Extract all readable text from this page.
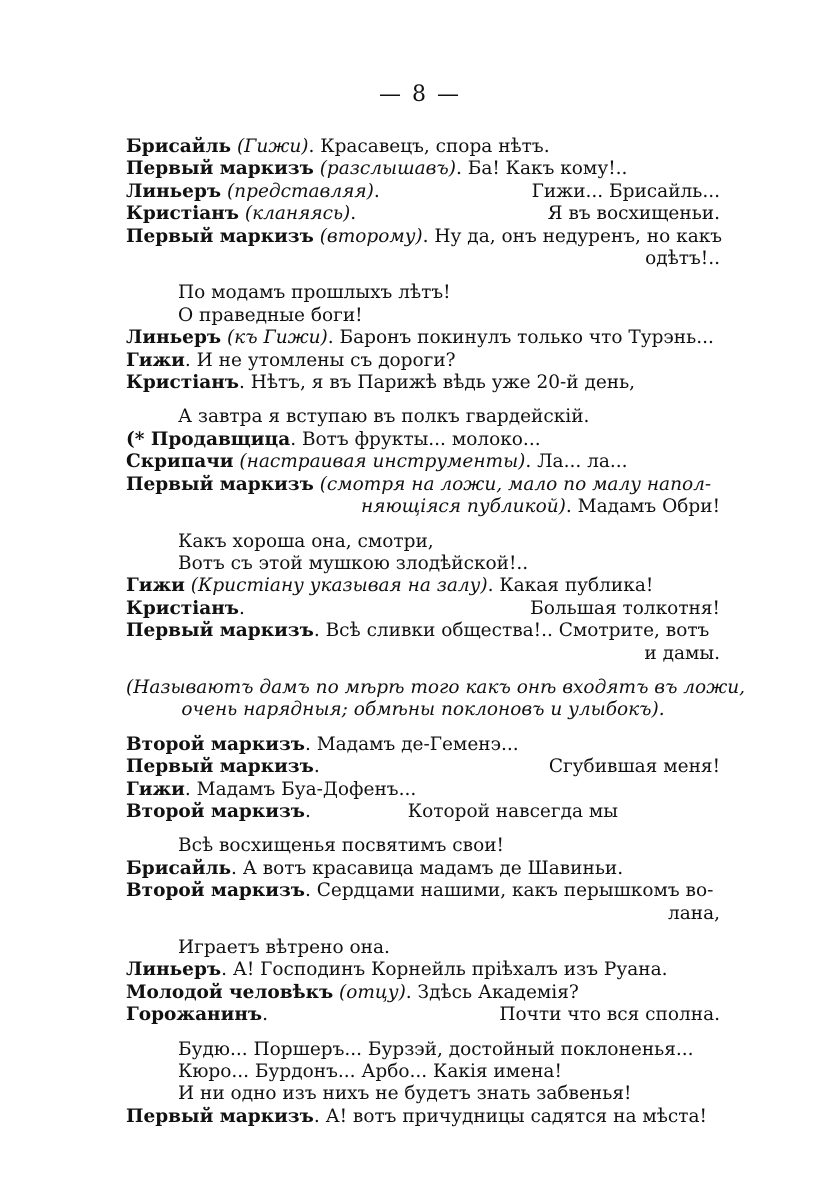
— 8 —
Брисайль (Гижи). Красавецъ, спора нѣтъ.
Первый маркизъ (разслышавъ). Ба! Какъ кому!..
Линьеръ (представляя).	Гижи... Брисайль...
Кристіанъ (кланяясь).	Я въ восхищеньи.
Первый маркизъ (второму). Ну да, онъ недуренъ, но какъ
одѣтъ!..
По модамъ прошлыхъ лѣтъ!
О праведные боги!
Линьеръ (къ Гижи). Баронъ покинулъ только что Турэнь...
Гижи. И не утомлены съ дороги?
Кристіанъ. Нѣтъ, я въ Парижѣ вѣдь уже 20-й день,
А завтра я вступаю въ полкъ гвардейскій.
(* Продавщица. Вотъ фрукты... молоко...
Скрипачи (настраивая инструменты). Ла... ла...
Первый маркизъ (смотря на ложи, мало по малу напол-
няющіяся публикой). Мадамъ Обри!
Какъ хороша она, смотри,
Вотъ съ этой мушкою злодѣйской!..
Гижи (Кристіану указывая на залу). Какая публика!
Кристіанъ.	Большая толкотня!
Первый маркизъ. Всѣ сливки общества!.. Смотрите, вотъ
и дамы.
(Называютъ дамъ по мѣрѣ того какъ онѣ входятъ въ ложи,
очень нарядныя; обмѣны поклоновъ и улыбокъ).
Второй маркизъ. Мадамъ де-Геменэ...
Первый маркизъ.	Сгубившая меня!
Гижи. Мадамъ Буа-Дофенъ...
Второй маркизъ.	Которой навсегда мы
Всѣ восхищенья посвятимъ свои!
Брисайль. А вотъ красавица мадамъ де Шавиньи.
Второй маркизъ. Сердцами нашими, какъ перышкомъ во-
лана,
Играетъ вѣтрено она.
Линьеръ. А! Господинъ Корнейль пріѣхалъ изъ Руана.
Молодой человѣкъ (отцу). Здѣсь Академія?
Горожанинъ.	Почти что вся сполна.
Будю... Поршеръ... Бурзэй, достойный поклоненья...
Кюро... Бурдонъ... Арбо... Какія имена!
И ни одно изъ нихъ не будетъ знать забвенья!
Первый маркизъ. А! вотъ причудницы садятся на мѣста!
